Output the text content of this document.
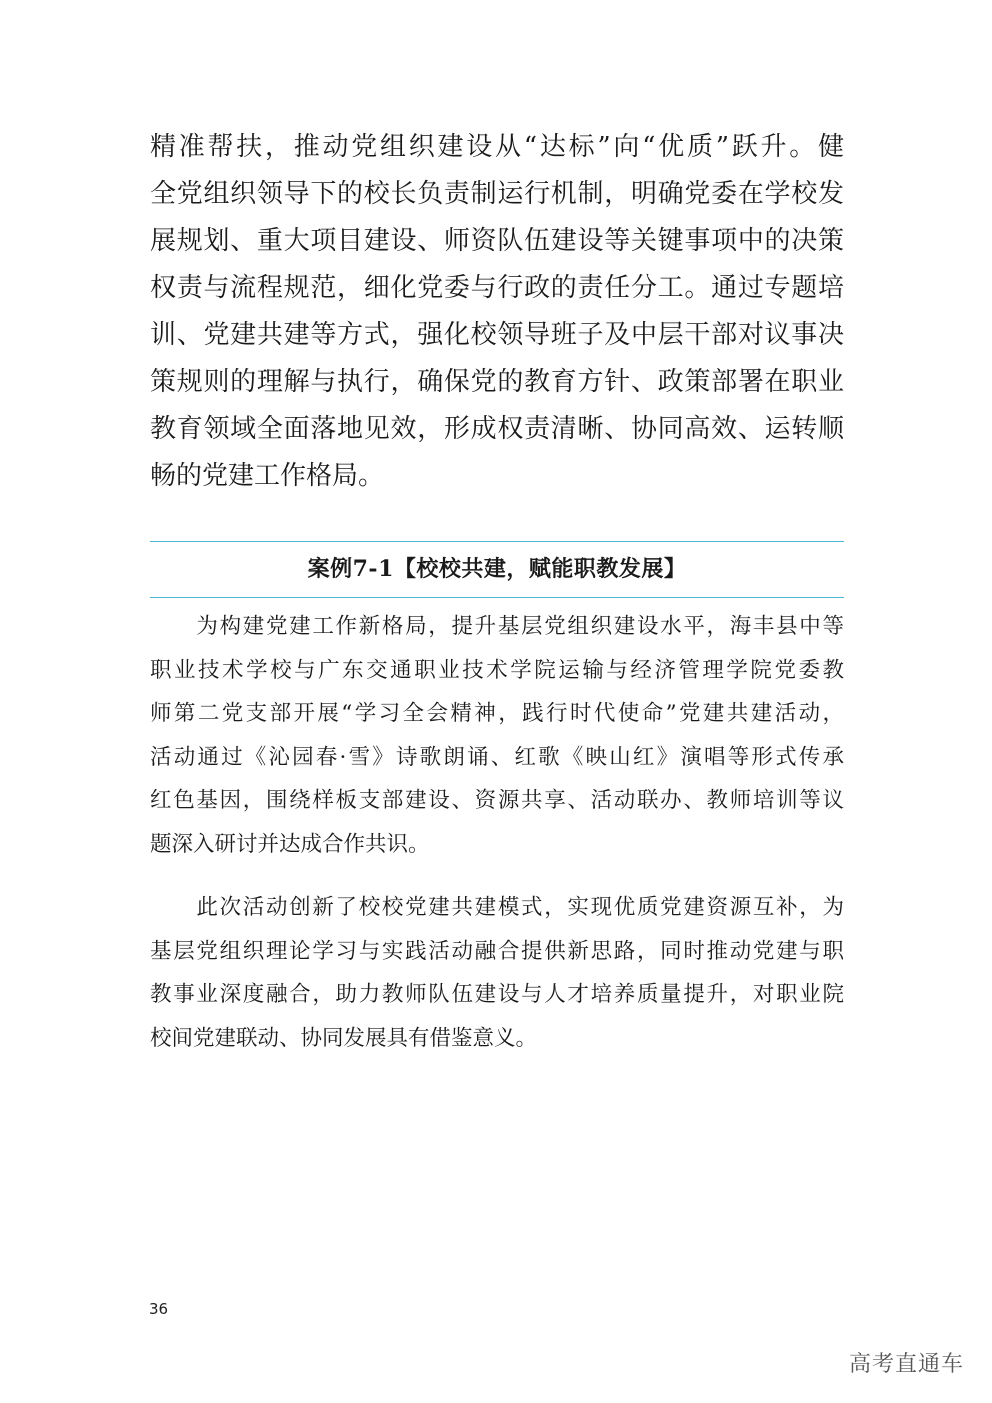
精准帮扶，推动党组织建设从“达标”向“优质”跃升。健
全党组织领导下的校长负责制运行机制，明确党委在学校发
展规划、重大项目建设、师资队伍建设等关键事项中的决策
权责与流程规范，细化党委与行政的责任分工。通过专题培
训、党建共建等方式，强化校领导班子及中层干部对议事决
策规则的理解与执行，确保党的教育方针、政策部署在职业
教育领域全面落地见效，形成权责清晰、协同高效、运转顺
畅的党建工作格局。
案例7-1【校校共建，赋能职教发展】
　　为构建党建工作新格局，提升基层党组织建设水平，海丰县中等
职业技术学校与广东交通职业技术学院运输与经济管理学院党委教
师第二党支部开展“学习全会精神，践行时代使命”党建共建活动，
活动通过《沁园春·雪》诗歌朗诵、红歌《映山红》演唱等形式传承
红色基因，围绕样板支部建设、资源共享、活动联办、教师培训等议
题深入研讨并达成合作共识。
　　此次活动创新了校校党建共建模式，实现优质党建资源互补，为
基层党组织理论学习与实践活动融合提供新思路，同时推动党建与职
教事业深度融合，助力教师队伍建设与人才培养质量提升，对职业院
校间党建联动、协同发展具有借鉴意义。
36
高考直通车
